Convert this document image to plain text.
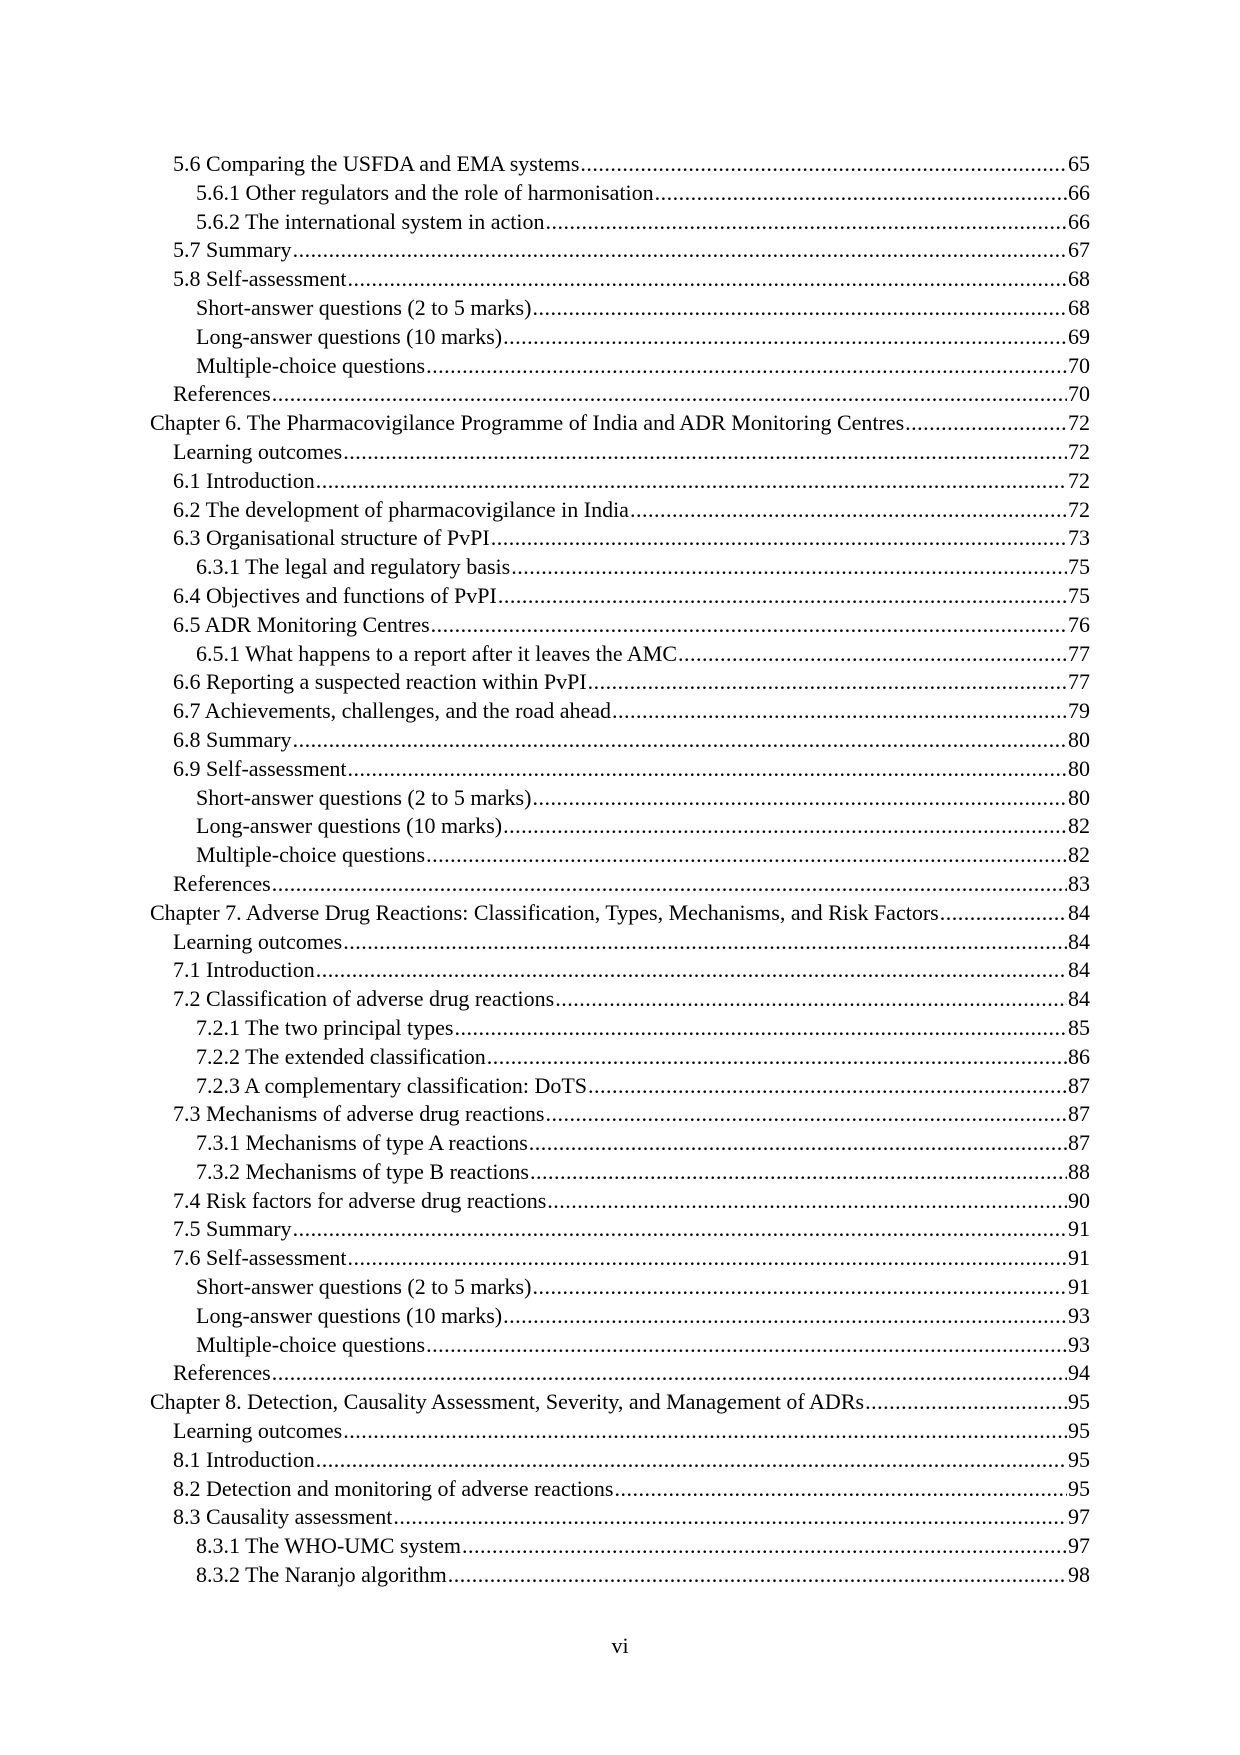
5.6 Comparing the USFDA and EMA systems .....	65
5.6.1 Other regulators and the role of harmonisation .....	66
5.6.2 The international system in action .....	66
5.7 Summary .....	67
5.8 Self-assessment .....	68
Short-answer questions (2 to 5 marks) .....	68
Long-answer questions (10 marks) .....	69
Multiple-choice questions .....	70
References .....	70
Chapter 6. The Pharmacovigilance Programme of India and ADR Monitoring Centres .....	72
Learning outcomes .....	72
6.1 Introduction .....	72
6.2 The development of pharmacovigilance in India .....	72
6.3 Organisational structure of PvPI .....	73
6.3.1 The legal and regulatory basis .....	75
6.4 Objectives and functions of PvPI .....	75
6.5 ADR Monitoring Centres .....	76
6.5.1 What happens to a report after it leaves the AMC .....	77
6.6 Reporting a suspected reaction within PvPI .....	77
6.7 Achievements, challenges, and the road ahead .....	79
6.8 Summary .....	80
6.9 Self-assessment .....	80
Short-answer questions (2 to 5 marks) .....	80
Long-answer questions (10 marks) .....	82
Multiple-choice questions .....	82
References .....	83
Chapter 7. Adverse Drug Reactions: Classification, Types, Mechanisms, and Risk Factors .....	84
Learning outcomes .....	84
7.1 Introduction .....	84
7.2 Classification of adverse drug reactions .....	84
7.2.1 The two principal types .....	85
7.2.2 The extended classification .....	86
7.2.3 A complementary classification: DoTS .....	87
7.3 Mechanisms of adverse drug reactions .....	87
7.3.1 Mechanisms of type A reactions .....	87
7.3.2 Mechanisms of type B reactions .....	88
7.4 Risk factors for adverse drug reactions .....	90
7.5 Summary .....	91
7.6 Self-assessment .....	91
Short-answer questions (2 to 5 marks) .....	91
Long-answer questions (10 marks) .....	93
Multiple-choice questions .....	93
References .....	94
Chapter 8. Detection, Causality Assessment, Severity, and Management of ADRs .....	95
Learning outcomes .....	95
8.1 Introduction .....	95
8.2 Detection and monitoring of adverse reactions .....	95
8.3 Causality assessment .....	97
8.3.1 The WHO-UMC system .....	97
8.3.2 The Naranjo algorithm .....	98
vi
